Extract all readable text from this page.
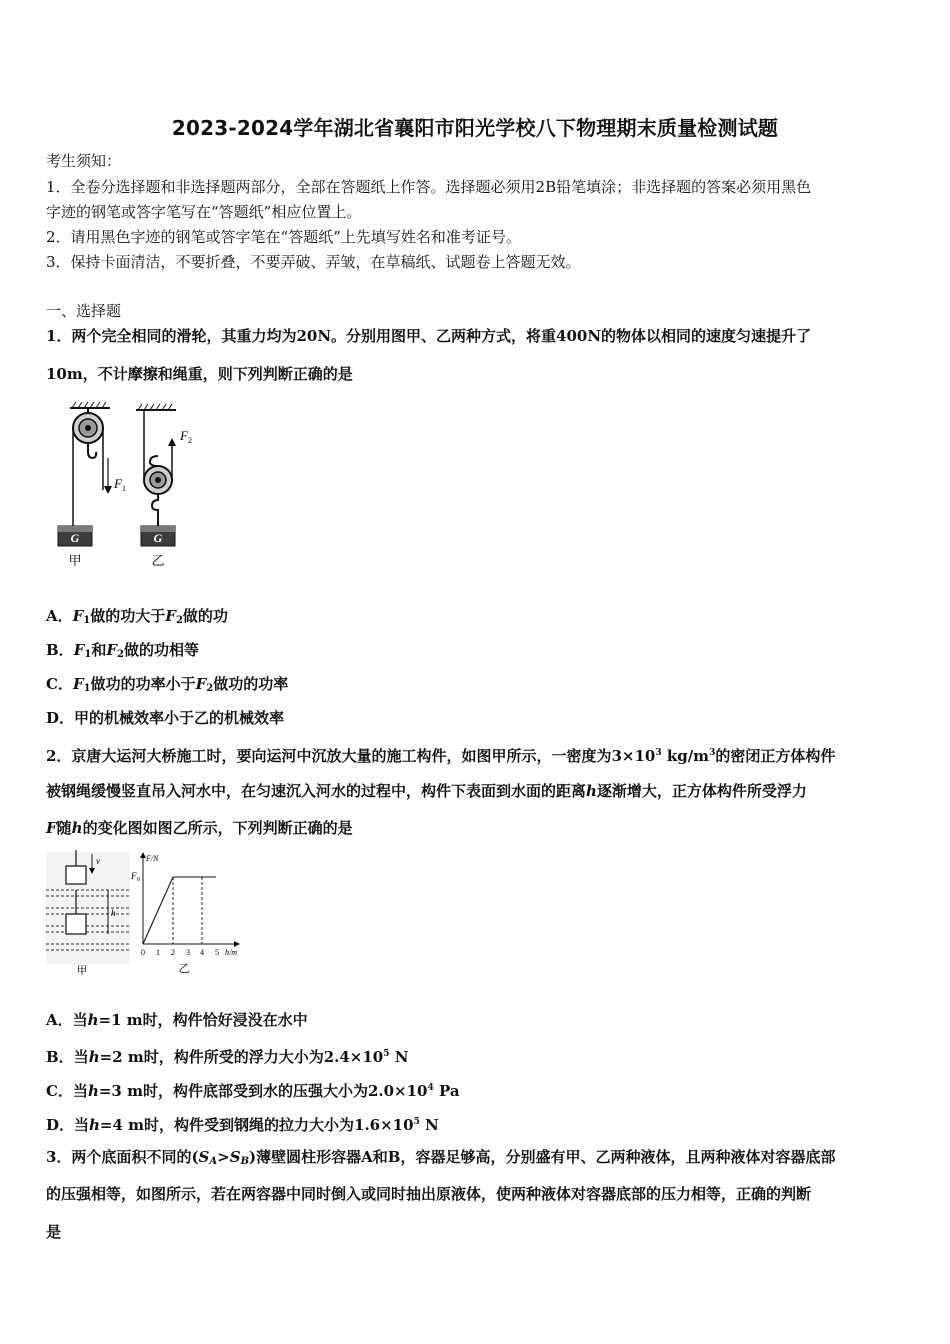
2023-2024学年湖北省襄阳市阳光学校八下物理期末质量检测试题
考生须知：
1．全卷分选择题和非选择题两部分，全部在答题纸上作答。选择题必须用2B铅笔填涂；非选择题的答案必须用黑色
字迹的钢笔或答字笔写在“答题纸”相应位置上。
2．请用黑色字迹的钢笔或答字笔在“答题纸”上先填写姓名和准考证号。
3．保持卡面清洁，不要折叠，不要弄破、弄皱，在草稿纸、试题卷上答题无效。
一、选择题
1．两个完全相同的滑轮，其重力均为20N。分别用图甲、乙两种方式，将重400N的物体以相同的速度匀速提升了
10m，不计摩擦和绳重，则下列判断正确的是
F 1
G
甲
F 2
G
乙
A．$F_1$做的功大于$F_2$做的功
B．$F_1$和$F_2$做的功相等
C．$F_1$做功的功率小于$F_2$做功的功率
D．甲的机械效率小于乙的机械效率
2．京唐大运河大桥施工时，要向运河中沉放大量的施工构件，如图甲所示，一密度为$3\times 10^3$ $kg/m^3$的密闭正方体构件
被钢绳缓慢竖直吊入河水中，在匀速沉入河水的过程中，构件下表面到水面的距离h逐渐增大，正方体构件所受浮力
F随h的变化图如图乙所示，下列判断正确的是
v
h
甲
F/N
F 0
0 1 2 3 4 5 h/m
乙
A．当h=1 m时，构件恰好浸没在水中
B．当h=2 m时，构件所受的浮力大小为$2.4\times 10^5$ N
C．当h=3 m时，构件底部受到水的压强大小为$2.0\times 10^4$ Pa
D．当h=4 m时，构件受到钢绳的拉力大小为$1.6\times 10^5$ N
3．两个底面积不同的$(S_A>S_B)$薄壁圆柱形容器A和B，容器足够高，分别盛有甲、乙两种液体，且两种液体对容器底部
的压强相等，如图所示，若在两容器中同时倒入或同时抽出原液体，使两种液体对容器底部的压力相等，正确的判断
是
